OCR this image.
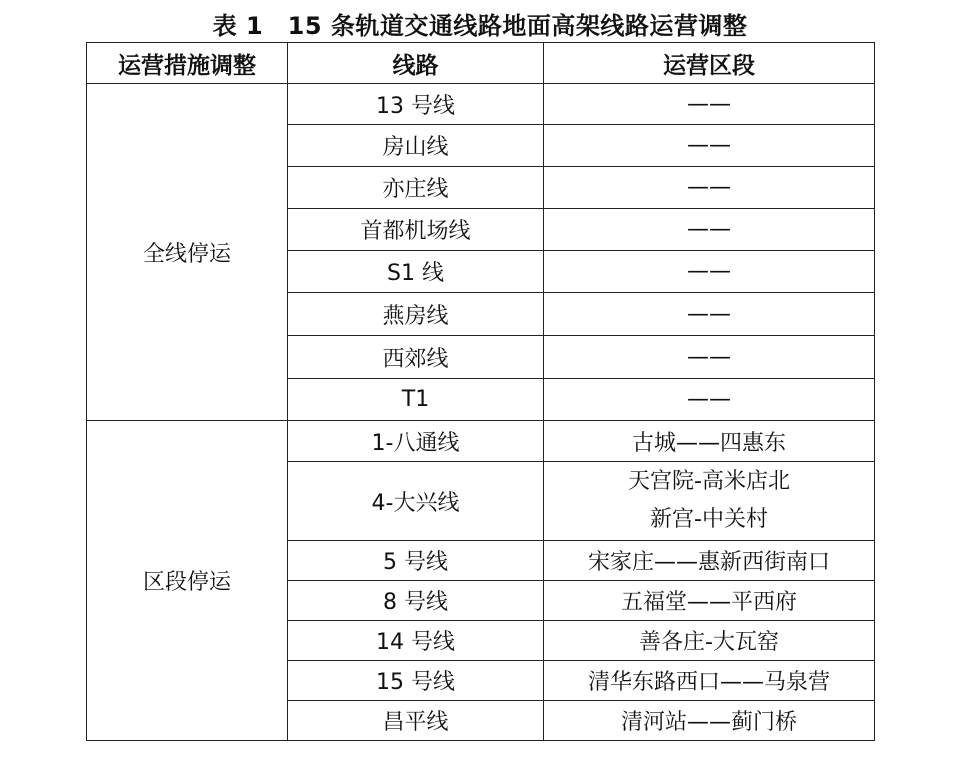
表 1　15 条轨道交通线路地面高架线路运营调整
运营措施调整	线路	运营区段
全线停运	13 号线	——
	房山线	——
	亦庄线	——
	首都机场线	——
	S1 线	——
	燕房线	——
	西郊线	——
	T1	——
区段停运	1-八通线	古城——四惠东
	4-大兴线	天宫院-高米店北
新宫-中关村

	5 号线	宋家庄——惠新西街南口
	8 号线	五福堂——平西府
	14 号线	善各庄-大瓦窑
	15 号线	清华东路西口——马泉营
	昌平线	清河站——蓟门桥
